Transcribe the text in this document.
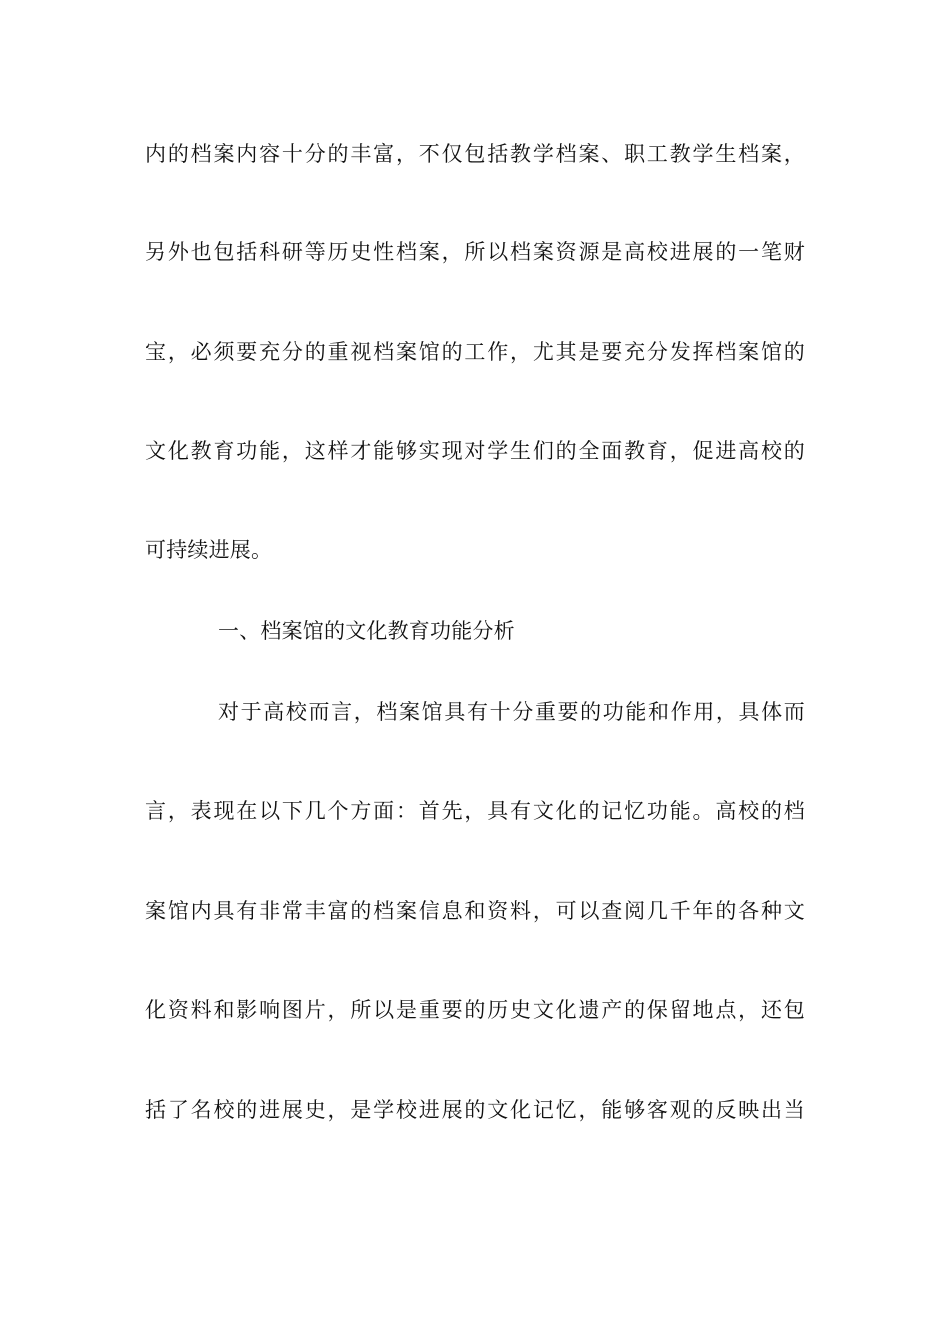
内的档案内容十分的丰富，不仅包括教学档案、职工教学生档案，
另外也包括科研等历史性档案，所以档案资源是高校进展的一笔财
宝，必须要充分的重视档案馆的工作，尤其是要充分发挥档案馆的
文化教育功能，这样才能够实现对学生们的全面教育，促进高校的
可持续进展。
一、档案馆的文化教育功能分析
对于高校而言，档案馆具有十分重要的功能和作用，具体而
言，表现在以下几个方面：首先，具有文化的记忆功能。高校的档
案馆内具有非常丰富的档案信息和资料，可以查阅几千年的各种文
化资料和影响图片，所以是重要的历史文化遗产的保留地点，还包
括了名校的进展史，是学校进展的文化记忆，能够客观的反映出当
